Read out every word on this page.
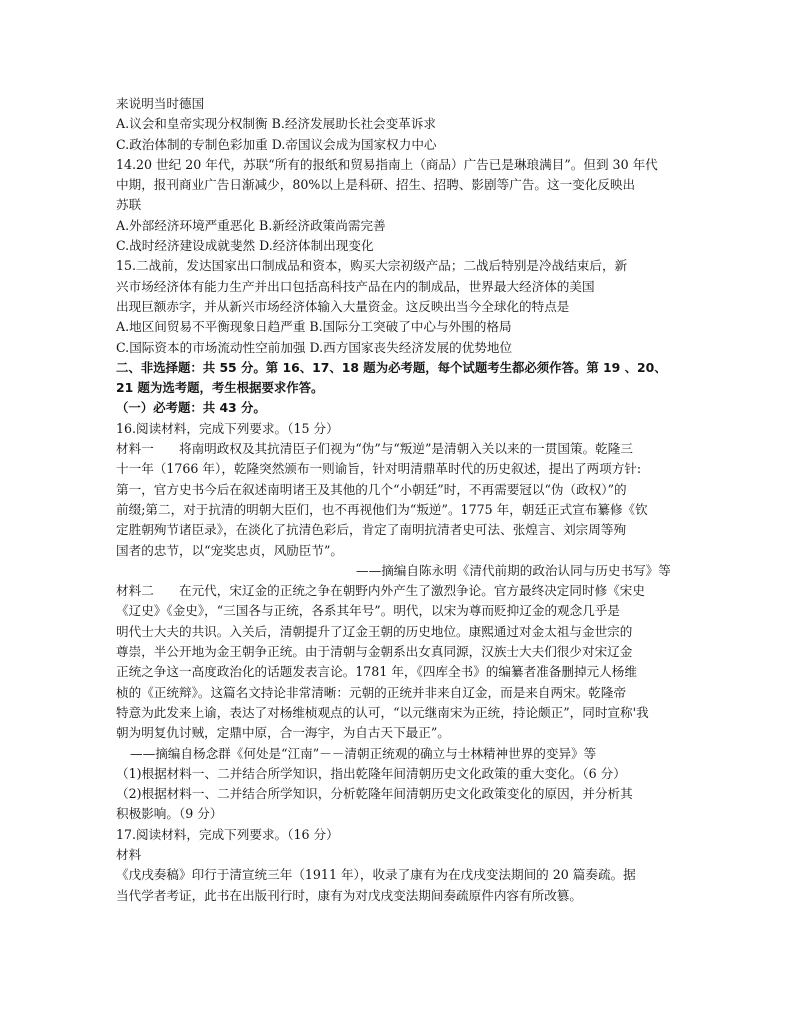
来说明当时德国
A.议会和皇帝实现分权制衡 B.经济发展助长社会变革诉求
C.政治体制的专制色彩加重 D.帝国议会成为国家权力中心
14.20 世纪 20 年代，苏联“所有的报纸和贸易指南上（商品）广告已是琳琅满目”。但到 30 年代
中期，报刊商业广告日渐减少，80%以上是科研、招生、招聘、影剧等广告。这一变化反映出
苏联
A.外部经济环境严重恶化 B.新经济政策尚需完善
C.战时经济建设成就斐然 D.经济体制出现变化
15.二战前，发达国家出口制成品和资本，购买大宗初级产品；二战后特别是冷战结束后，新
兴市场经济体有能力生产并出口包括高科技产品在内的制成品，世界最大经济体的美国
出现巨额赤字，并从新兴市场经济体输入大量资金。这反映出当今全球化的特点是
A.地区间贸易不平衡现象日趋严重 B.国际分工突破了中心与外围的格局
C.国际资本的市场流动性空前加强 D.西方国家丧失经济发展的优势地位
二、非选择题：共 55 分。第 16、17、18 题为必考题，每个试题考生都必须作答。第 19 、20、
21 题为选考题，考生根据要求作答。
（一）必考题：共 43 分。
16.阅读材料，完成下列要求。（15 分）
材料一　　将南明政权及其抗清臣子们视为“伪”与“叛逆”是清朝入关以来的一贯国策。乾隆三
十一年（1766 年），乾隆突然颁布一则谕旨，针对明清鼎革时代的历史叙述，提出了两项方针:
第一，官方史书今后在叙述南明诸王及其他的几个“小朝廷”时，不再需要冠以“伪（政权）”的
前缀;第二，对于抗清的明朝大臣们，也不再视他们为“叛逆”。1775 年，朝廷正式宣布纂修《钦
定胜朝殉节诸臣录》，在淡化了抗清色彩后，肯定了南明抗清者史可法、张煌言、刘宗周等殉
国者的忠节，以“宠奖忠贞，风励臣节”。
——摘编自陈永明《清代前期的政治认同与历史书写》等
材料二　　在元代，宋辽金的正统之争在朝野内外产生了激烈争论。官方最终决定同时修《宋史
《辽史》《金史》，“三国各与正统，各系其年号”。明代，以宋为尊而贬抑辽金的观念几乎是
明代士大夫的共识。入关后，清朝提升了辽金王朝的历史地位。康熙通过对金太祖与金世宗的
尊崇，半公开地为金王朝争正统。由于清朝与金朝系出女真同源，汉族士大夫们很少对宋辽金
正统之争这一高度政治化的话题发表言论。1781 年，《四库全书》的编纂者准备删掉元人杨维
桢的《正统辩》。这篇名文持论非常清晰：元朝的正统并非来自辽金，而是来自两宋。乾隆帝
特意为此发来上谕，表达了对杨维桢观点的认可，“以元继南宋为正统，持论颇正”，同时宣称'我
朝为明复仇讨贼，定鼎中原，合一海宇，为自古天下最正”。
——摘编自杨念群《何处是“江南”－－清朝正统观的确立与士林精神世界的变异》等
（1)根据材料一、二并结合所学知识，指出乾隆年间清朝历史文化政策的重大变化。（6 分）
（2)根据材料一、二并结合所学知识，分析乾隆年间清朝历史文化政策变化的原因，并分析其
积极影响。（9 分）
17.阅读材料，完成下列要求。（16 分）
材料
《戊戌奏稿》印行于清宣统三年（1911 年），收录了康有为在戊戌变法期间的 20 篇奏疏。据
当代学者考证，此书在出版刊行时，康有为对戊戌变法期间奏疏原件内容有所改篡。
